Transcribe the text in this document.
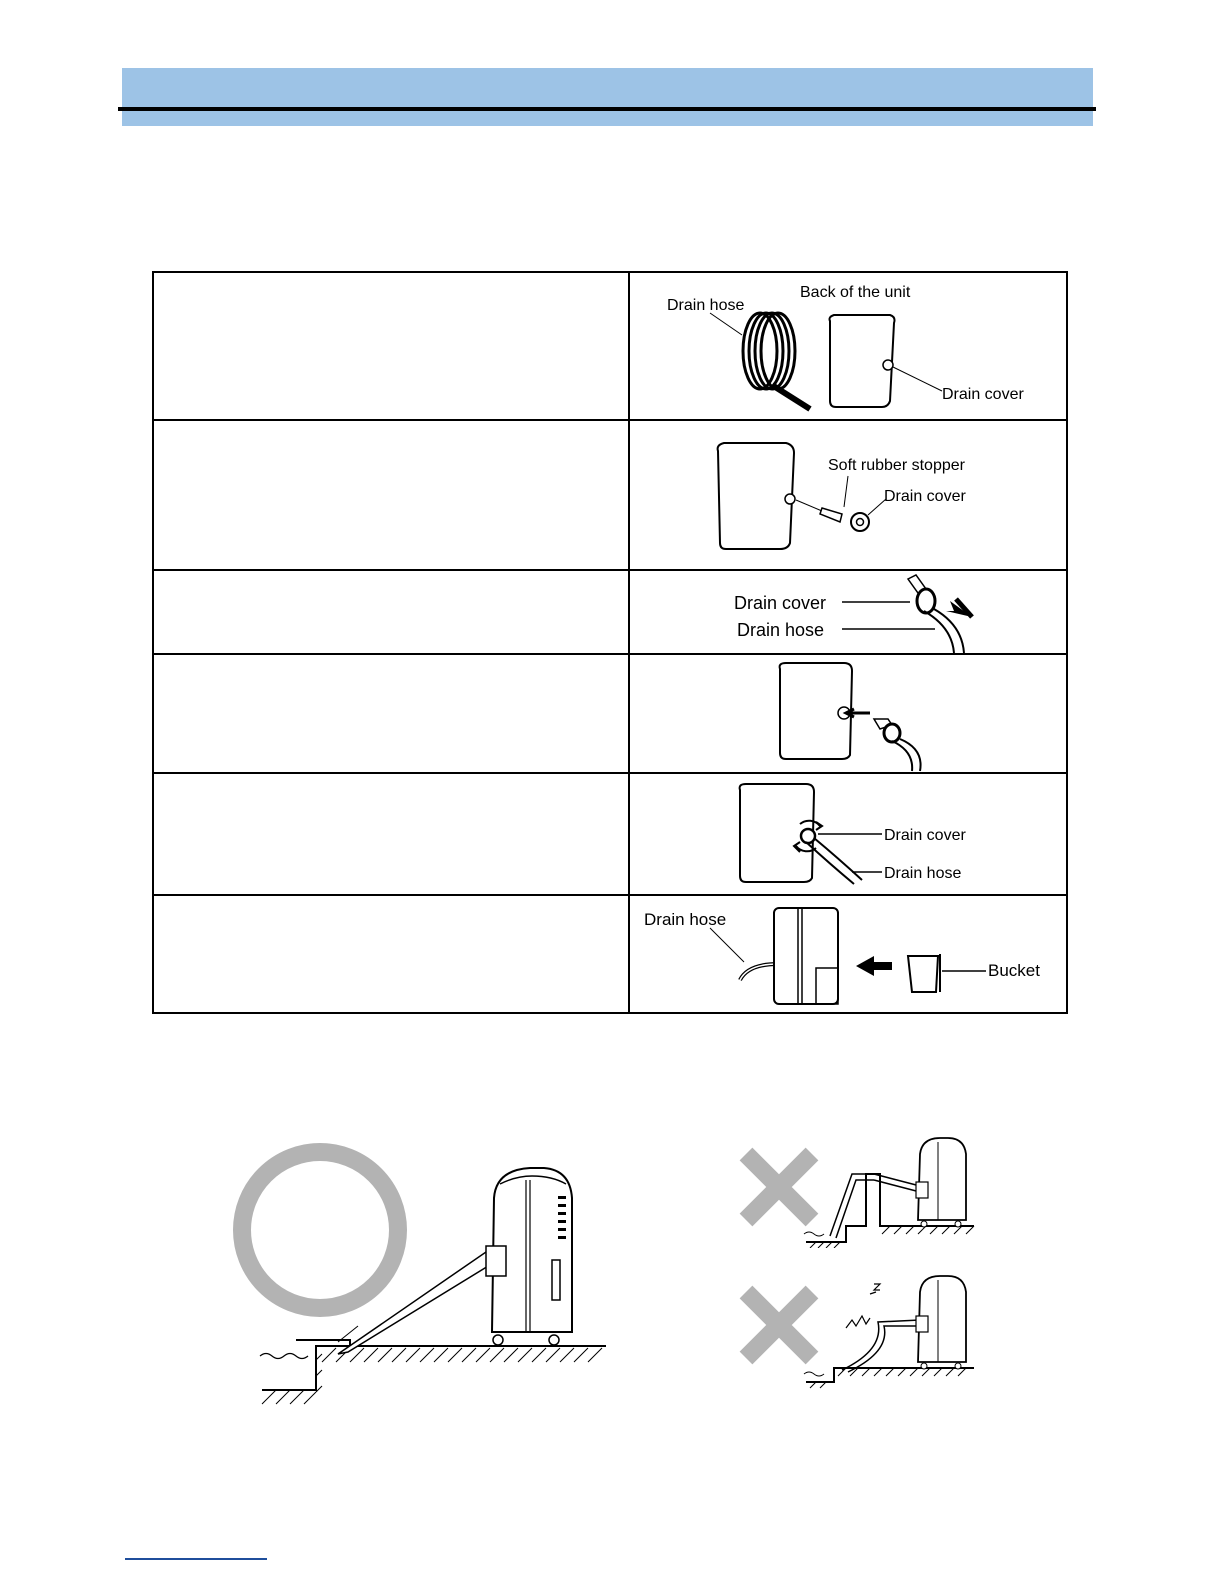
Drain hose
Back of the unit
Drain cover

Soft rubber stopper
Drain cover

Drain cover
Drain hose

Drain cover
Drain hose

Drain hose
Bucket
